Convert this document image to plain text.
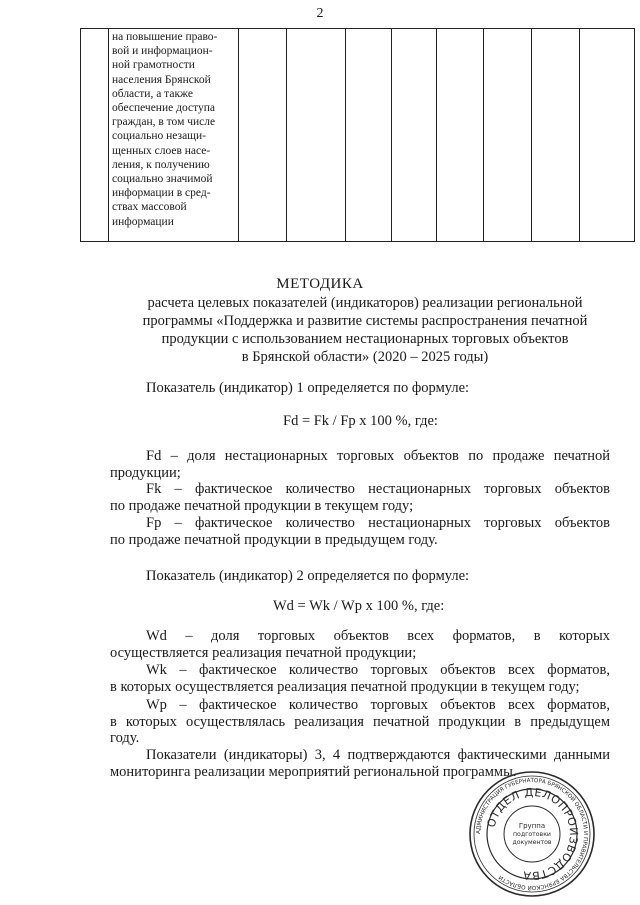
2

на повышение право-
вой и информацион-
ной грамотности
населения Брянской
области, а также
обеспечение доступа
граждан, в том числе
социально незащи-
щенных слоев насе-
ления, к получению
социально значимой
информации в сред-
ствах массовой
информации

МЕТОДИКА
расчета целевых показателей (индикаторов) реализации региональной
программы «Поддержка и развитие системы распространения печатной
продукции с использованием нестационарных торговых объектов
в Брянской области» (2020 – 2025 годы)
Показатель (индикатор) 1 определяется по формуле:
Fd = Fk / Fp x 100 %, где:
Fd – доля нестационарных торговых объектов по продаже печатной
продукции;
Fk – фактическое количество нестационарных торговых объектов
по продаже печатной продукции в текущем году;
Fp – фактическое количество нестационарных торговых объектов
по продаже печатной продукции в предыдущем году.
Показатель (индикатор) 2 определяется по формуле:
Wd = Wk / Wp x 100 %, где:
Wd – доля торговых объектов всех форматов, в которых
осуществляется реализация печатной продукции;
Wk – фактическое количество торговых объектов всех форматов,
в которых осуществляется реализация печатной продукции в текущем году;
Wp – фактическое количество торговых объектов всех форматов,
в которых осуществлялась реализация печатной продукции в предыдущем
году.
Показатели (индикаторы) 3, 4 подтверждаются фактическими данными
мониторинга реализации мероприятий региональной программы.
АДМИНИСТРАЦИЯ ГУБЕРНАТОРА БРЯНСКОЙ ОБЛАСТИ И ПРАВИТЕЛЬСТВА БРЯНСКОЙ ОБЛАСТИ
ОТДЕЛ ДЕЛОПРОИЗВОДСТВА
Группа
подготовки
документов
